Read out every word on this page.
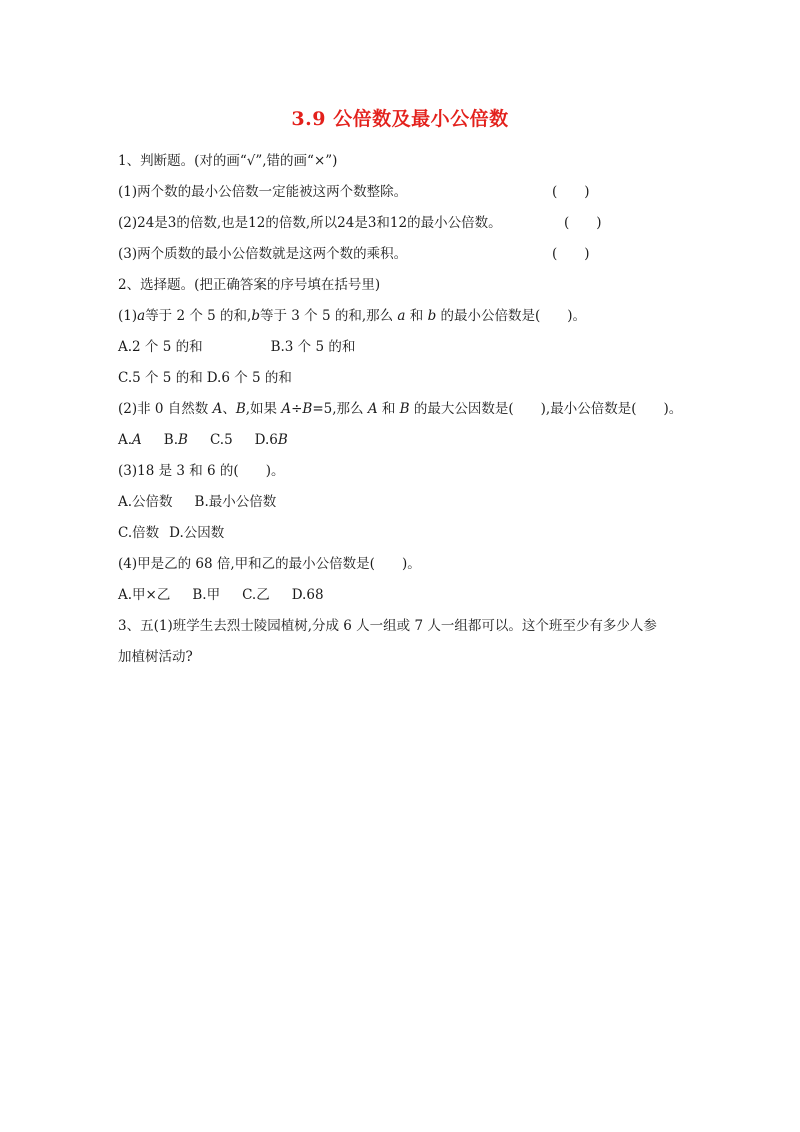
3.9 公倍数及最小公倍数
1、判断题。(对的画“√”,错的画“×”)
(1)两个数的最小公倍数一定能被这两个数整除。	(　　)
(2)24是3的倍数,也是12的倍数,所以24是3和12的最小公倍数。	(　　)
(3)两个质数的最小公倍数就是这两个数的乘积。	(　　)
2、选择题。(把正确答案的序号填在括号里)
(1)a等于 2 个 5 的和,b等于 3 个 5 的和,那么 a 和 b 的最小公倍数是(　　)。
A.2 个 5 的和	B.3 个 5 的和
C.5 个 5 的和 D.6 个 5 的和
(2)非 0 自然数 A、B,如果 A÷B=5,那么 A 和 B 的最大公因数是(　　),最小公倍数是(　　)。
A.A B.B C.5 D.6B
(3)18 是 3 和 6 的(　　)。
A.公倍数 B.最小公倍数
C.倍数 D.公因数
(4)甲是乙的 68 倍,甲和乙的最小公倍数是(　　)。
A.甲×乙 B.甲 C.乙 D.68
3、五(1)班学生去烈士陵园植树,分成 6 人一组或 7 人一组都可以。这个班至少有多少人参
加植树活动?
